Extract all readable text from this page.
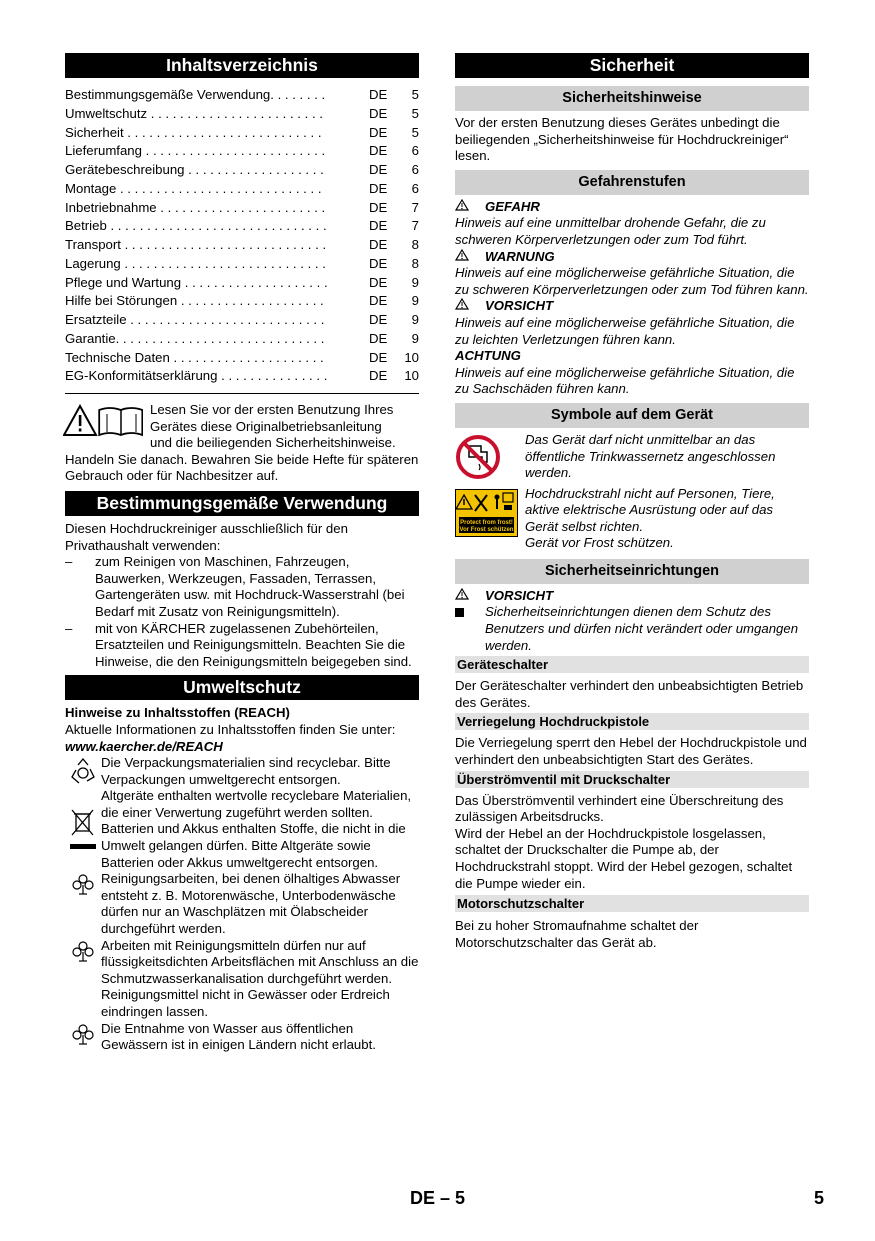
Inhaltsverzeichnis
Bestimmungsgemäße Verwendung. . . . . . . .	DE	5
Umweltschutz . . . . . . . . . . . . . . . . . . . . . . . .	DE	5
Sicherheit . . . . . . . . . . . . . . . . . . . . . . . . . . .	DE	5
Lieferumfang . . . . . . . . . . . . . . . . . . . . . . . . .	DE	6
Gerätebeschreibung . . . . . . . . . . . . . . . . . . .	DE	6
Montage . . . . . . . . . . . . . . . . . . . . . . . . . . . .	DE	6
Inbetriebnahme . . . . . . . . . . . . . . . . . . . . . . .	DE	7
Betrieb . . . . . . . . . . . . . . . . . . . . . . . . . . . . . .	DE	7
Transport . . . . . . . . . . . . . . . . . . . . . . . . . . . .	DE	8
Lagerung . . . . . . . . . . . . . . . . . . . . . . . . . . . .	DE	8
Pflege und Wartung . . . . . . . . . . . . . . . . . . . .	DE	9
Hilfe bei Störungen . . . . . . . . . . . . . . . . . . . .	DE	9
Ersatzteile . . . . . . . . . . . . . . . . . . . . . . . . . . .	DE	9
Garantie. . . . . . . . . . . . . . . . . . . . . . . . . . . . .	DE	9
Technische Daten . . . . . . . . . . . . . . . . . . . . .	DE	10
EG-Konformitätserklärung . . . . . . . . . . . . . . .	DE	10
Lesen Sie vor der ersten Benutzung Ihres
Gerätes diese Originalbetriebsanleitung
und die beiliegenden Sicherheitshinweise.
Handeln Sie danach. Bewahren Sie beide Hefte für späteren Gebrauch oder für Nachbesitzer auf.
Bestimmungsgemäße Verwendung
Diesen Hochdruckreiniger ausschließlich für den Privathaushalt verwenden:
–	zum Reinigen von Maschinen, Fahrzeugen, Bauwerken, Werkzeugen, Fassaden, Terrassen, Gartengeräten usw. mit Hochdruck-Wasserstrahl (bei Bedarf mit Zusatz von Reinigungsmitteln).
–	mit von KÄRCHER zugelassenen Zubehörteilen, Ersatzteilen und Reinigungsmitteln. Beachten Sie die Hinweise, die den Reinigungsmitteln beigegeben sind.
Umweltschutz
Hinweise zu Inhaltsstoffen (REACH)
Aktuelle Informationen zu Inhaltsstoffen finden Sie unter:
www.kaercher.de/REACH
Die Verpackungsmaterialien sind recyclebar. Bitte Verpackungen umweltgerecht entsorgen.
Altgeräte enthalten wertvolle recyclebare Materialien, die einer Verwertung zugeführt werden sollten. Batterien und Akkus enthalten Stoffe, die nicht in die Umwelt gelangen dürfen. Bitte Altgeräte sowie Batterien oder Akkus umweltgerecht entsorgen.
Reinigungsarbeiten, bei denen ölhaltiges Abwasser entsteht z. B. Motorenwäsche, Unterbodenwäsche dürfen nur an Waschplätzen mit Ölabscheider durchgeführt werden.
Arbeiten mit Reinigungsmitteln dürfen nur auf flüssigkeitsdichten Arbeitsflächen mit Anschluss an die Schmutzwasserkanalisation durchgeführt werden. Reinigungsmittel nicht in Gewässer oder Erdreich eindringen lassen.
Die Entnahme von Wasser aus öffentlichen Gewässern ist in einigen Ländern nicht erlaubt.
Sicherheit
Sicherheitshinweise
Vor der ersten Benutzung dieses Gerätes unbedingt die beiliegenden „Sicherheitshinweise für Hochdruckreiniger“ lesen.
Gefahrenstufen
GEFAHR
Hinweis auf eine unmittelbar drohende Gefahr, die zu schweren Körperverletzungen oder zum Tod führt.
WARNUNG
Hinweis auf eine möglicherweise gefährliche Situation, die zu schweren Körperverletzungen oder zum Tod führen kann.
VORSICHT
Hinweis auf eine möglicherweise gefährliche Situation, die zu leichten Verletzungen führen kann.
ACHTUNG
Hinweis auf eine möglicherweise gefährliche Situation, die zu Sachschäden führen kann.
Symbole auf dem Gerät
Das Gerät darf nicht unmittelbar an das öffentliche Trinkwassernetz angeschlossen werden.
Protect from frost!
Vor Frost schützen
Hochdruckstrahl nicht auf Personen, Tiere, aktive elektrische Ausrüstung oder auf das Gerät selbst richten.
Gerät vor Frost schützen.
Sicherheitseinrichtungen
VORSICHT
Sicherheitseinrichtungen dienen dem Schutz des Benutzers und dürfen nicht verändert oder umgangen werden.
Geräteschalter
Der Geräteschalter verhindert den unbeabsichtigten Betrieb des Gerätes.
Verriegelung Hochdruckpistole
Die Verriegelung sperrt den Hebel der Hochdruckpistole und verhindert den unbeabsichtigten Start des Gerätes.
Überströmventil mit Druckschalter
Das Überströmventil verhindert eine Überschreitung des zulässigen Arbeitsdrucks.
Wird der Hebel an der Hochdruckpistole losgelassen, schaltet der Druckschalter die Pumpe ab, der Hochdruckstrahl stoppt. Wird der Hebel gezogen, schaltet die Pumpe wieder ein.
Motorschutzschalter
Bei zu hoher Stromaufnahme schaltet der Motorschutzschalter das Gerät ab.
DE – 5	5
